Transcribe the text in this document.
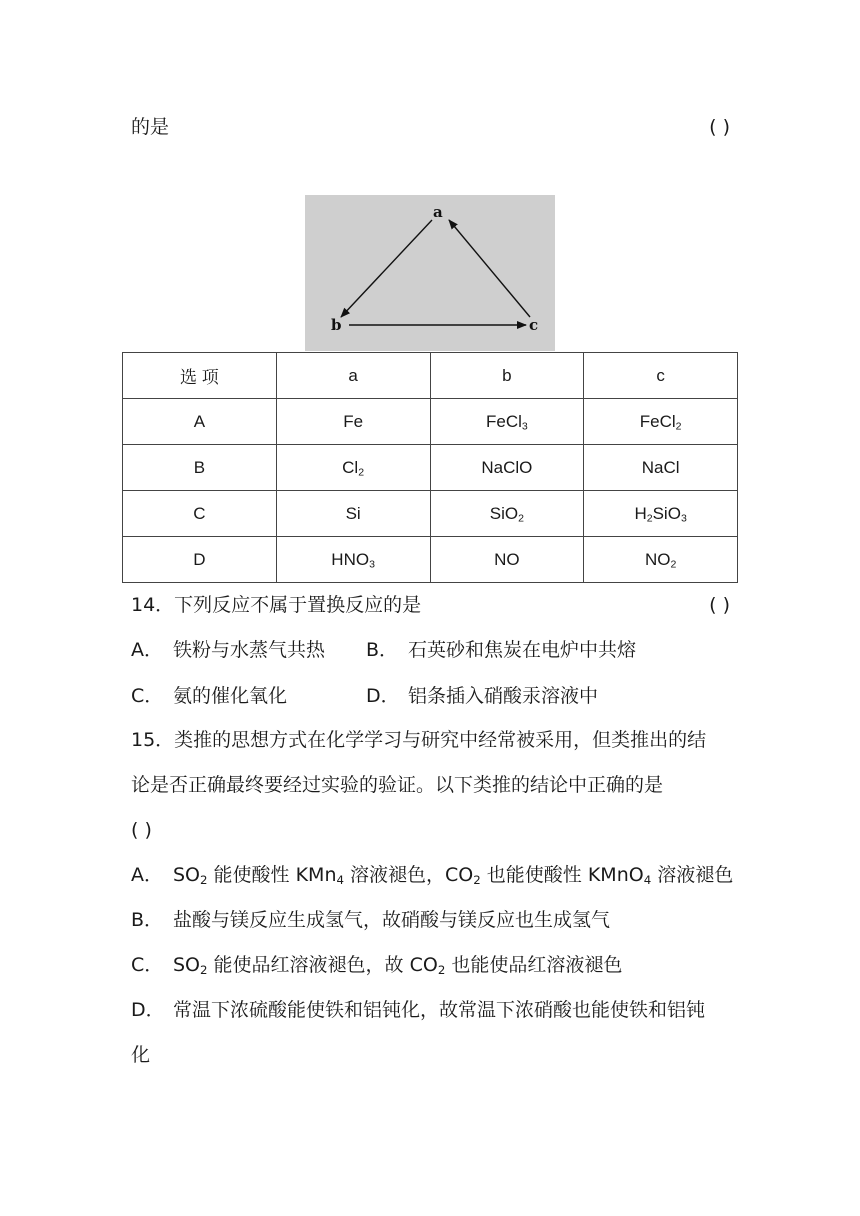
的是	( )
a
b	c
选 项	a	b	c
A	Fe	FeCl$_3$	FeCl$_2$
B	$Cl_2$	NaClO	NaCl
C	Si	SiO$_2$	$H_2SiO_3$
D	$HNO_3$	NO	$NO_2$
14．下列反应不属于置换反应的是	( )
A． 铁粉与水蒸气共热 B． 石英砂和焦炭在电炉中共熔
C． 氨的催化氧化	D． 铝条插入硝酸汞溶液中
15．类推的思想方式在化学学习与研究中经常被采用，但类推出的结
论是否正确最终要经过实验的验证。以下类推的结论中正确的是
( )
A． $SO_2$ 能使酸性 KMn$_4$ 溶液褪色，$CO_2$ 也能使酸性 KMnO$_4$ 溶液褪色
B． 盐酸与镁反应生成氢气，故硝酸与镁反应也生成氢气
C． $SO_2$ 能使品红溶液褪色，故 $CO_2$ 也能使品红溶液褪色
D． 常温下浓硫酸能使铁和铝钝化，故常温下浓硝酸也能使铁和铝钝
化
